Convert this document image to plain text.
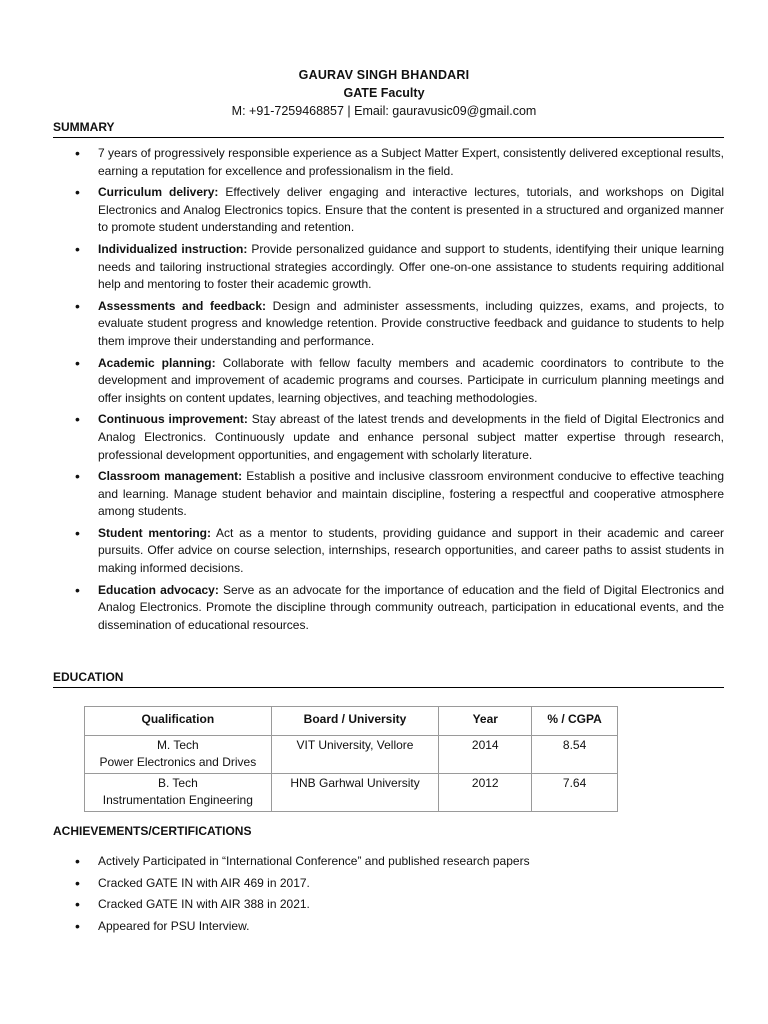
GAURAV SINGH BHANDARI
GATE Faculty
M: +91-7259468857 | Email: gauravusic09@gmail.com
SUMMARY
• 7 years of progressively responsible experience as a Subject Matter Expert, consistently delivered exceptional results, earning a reputation for excellence and professionalism in the field.
• Curriculum delivery: Effectively deliver engaging and interactive lectures, tutorials, and workshops on Digital Electronics and Analog Electronics topics. Ensure that the content is presented in a structured and organized manner to promote student understanding and retention.
• Individualized instruction: Provide personalized guidance and support to students, identifying their unique learning needs and tailoring instructional strategies accordingly. Offer one-on-one assistance to students requiring additional help and mentoring to foster their academic growth.
• Assessments and feedback: Design and administer assessments, including quizzes, exams, and projects, to evaluate student progress and knowledge retention. Provide constructive feedback and guidance to students to help them improve their understanding and performance.
• Academic planning: Collaborate with fellow faculty members and academic coordinators to contribute to the development and improvement of academic programs and courses. Participate in curriculum planning meetings and offer insights on content updates, learning objectives, and teaching methodologies.
• Continuous improvement: Stay abreast of the latest trends and developments in the field of Digital Electronics and Analog Electronics. Continuously update and enhance personal subject matter expertise through research, professional development opportunities, and engagement with scholarly literature.
• Classroom management: Establish a positive and inclusive classroom environment conducive to effective teaching and learning. Manage student behavior and maintain discipline, fostering a respectful and cooperative atmosphere among students.
• Student mentoring: Act as a mentor to students, providing guidance and support in their academic and career pursuits. Offer advice on course selection, internships, research opportunities, and career paths to assist students in making informed decisions.
• Education advocacy: Serve as an advocate for the importance of education and the field of Digital Electronics and Analog Electronics. Promote the discipline through community outreach, participation in educational events, and the dissemination of educational resources.
EDUCATION
Qualification	Board / University	Year	% / CGPA

M. Tech
Power Electronics and Drives	VIT University, Vellore	2014	8.54

B. Tech
Instrumentation Engineering	HNB Garhwal University	2012	7.64
ACHIEVEMENTS/CERTIFICATIONS
• Actively Participated in “International Conference” and published research papers
• Cracked GATE IN with AIR 469 in 2017.
• Cracked GATE IN with AIR 388 in 2021.
• Appeared for PSU Interview.
